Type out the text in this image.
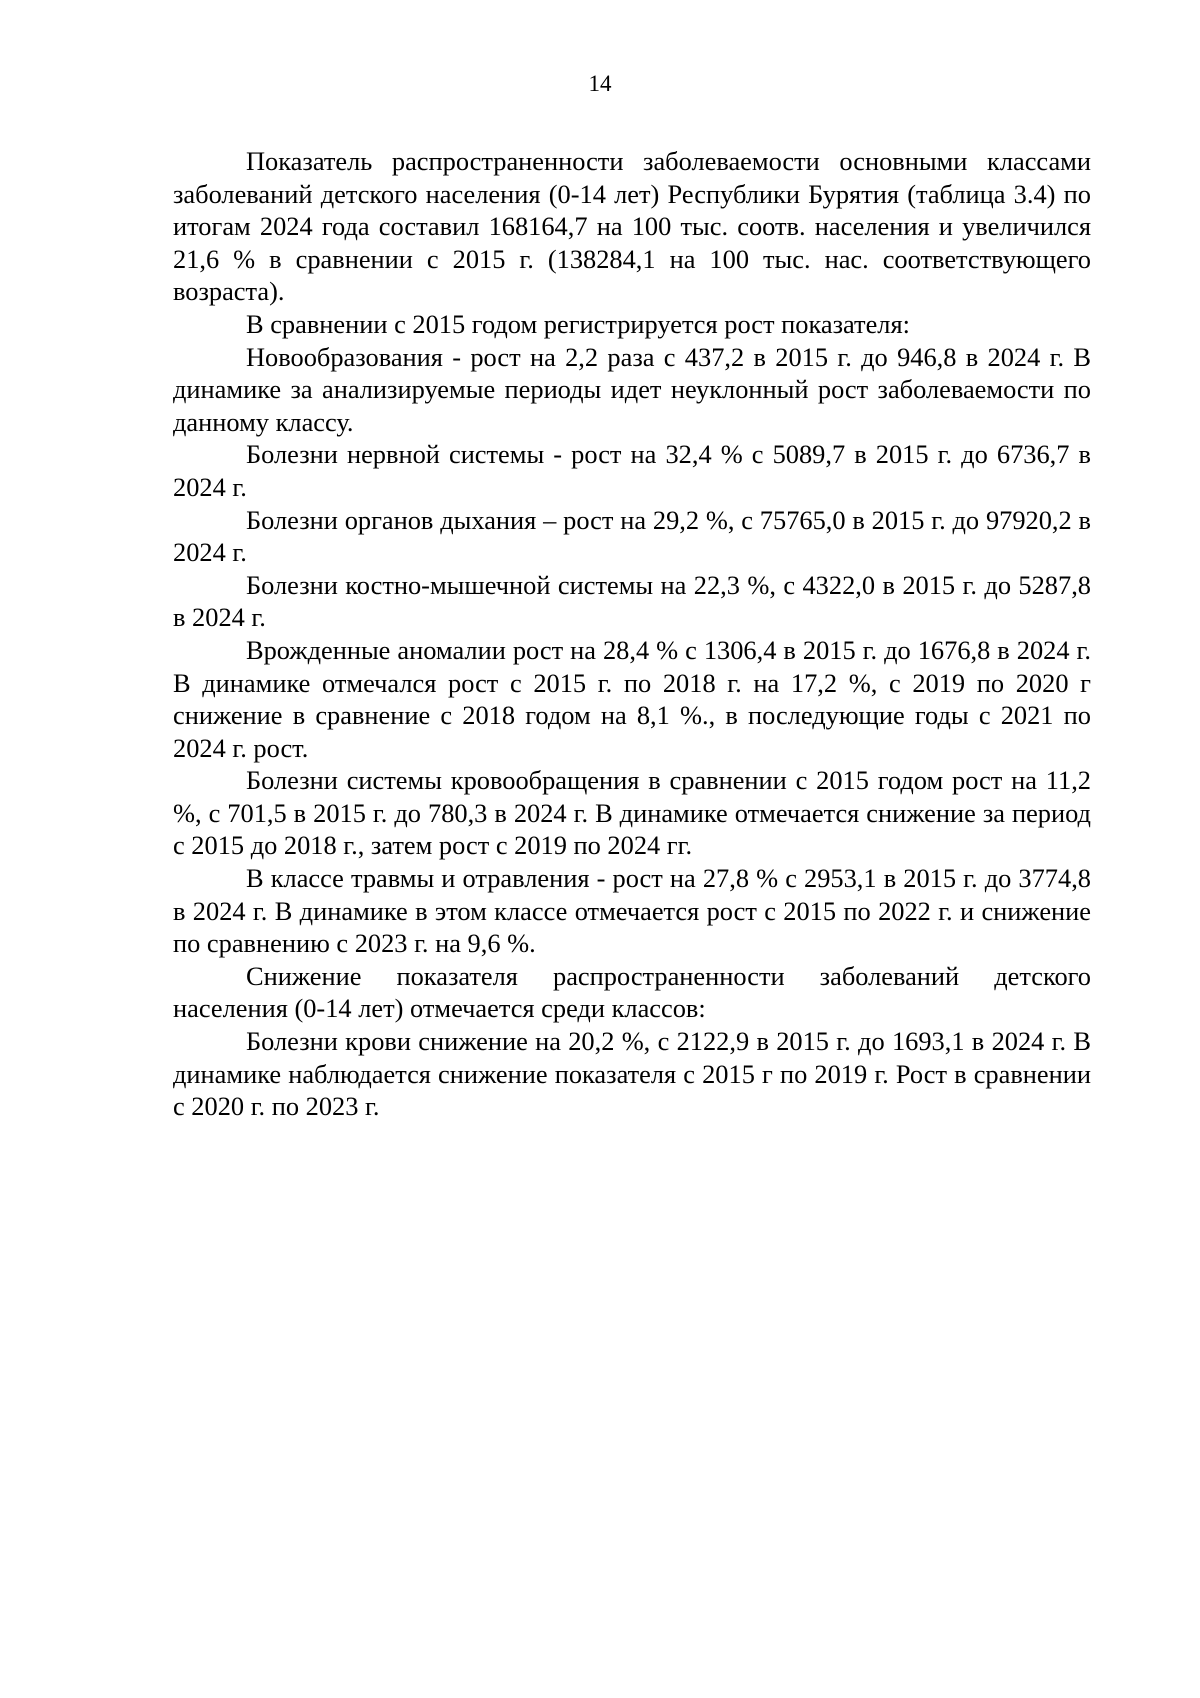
14

Показатель распространенности заболеваемости основными классами заболеваний детского населения (0-14 лет) Республики Бурятия (таблица 3.4) по итогам 2024 года составил 168164,7 на 100 тыс. соотв. населения и увеличился 21,6 % в сравнении с 2015 г. (138284,1 на 100 тыс. нас. соответствующего возраста).

В сравнении с 2015 годом регистрируется рост показателя:

Новообразования - рост на 2,2 раза с 437,2 в 2015 г. до 946,8 в 2024 г. В динамике за анализируемые периоды идет неуклонный рост заболеваемости по данному классу.

Болезни нервной системы - рост на 32,4 % с 5089,7 в 2015 г. до 6736,7 в 2024 г.

Болезни органов дыхания – рост на 29,2 %, с 75765,0 в 2015 г. до 97920,2 в 2024 г.

Болезни костно-мышечной системы на 22,3 %, с 4322,0 в 2015 г. до 5287,8 в 2024 г.

Врожденные аномалии рост на 28,4 % с 1306,4 в 2015 г. до 1676,8 в 2024 г. В динамике отмечался рост с 2015 г. по 2018 г. на 17,2 %, с 2019 по 2020 г снижение в сравнение с 2018 годом на 8,1 %., в последующие годы с 2021 по 2024 г. рост.

Болезни системы кровообращения в сравнении с 2015 годом рост на 11,2 %, с 701,5 в 2015 г. до 780,3 в 2024 г. В динамике отмечается снижение за период с 2015 до 2018 г., затем рост с 2019 по 2024 гг.

В классе травмы и отравления - рост на 27,8 % с 2953,1 в 2015 г. до 3774,8 в 2024 г. В динамике в этом классе отмечается рост с 2015 по 2022 г. и снижение по сравнению с 2023 г. на 9,6 %.

Снижение показателя распространенности заболеваний детского населения (0-14 лет) отмечается среди классов:

Болезни крови снижение на 20,2 %, с 2122,9 в 2015 г. до 1693,1 в 2024 г. В динамике наблюдается снижение показателя с 2015 г по 2019 г. Рост в сравнении с 2020 г. по 2023 г.
